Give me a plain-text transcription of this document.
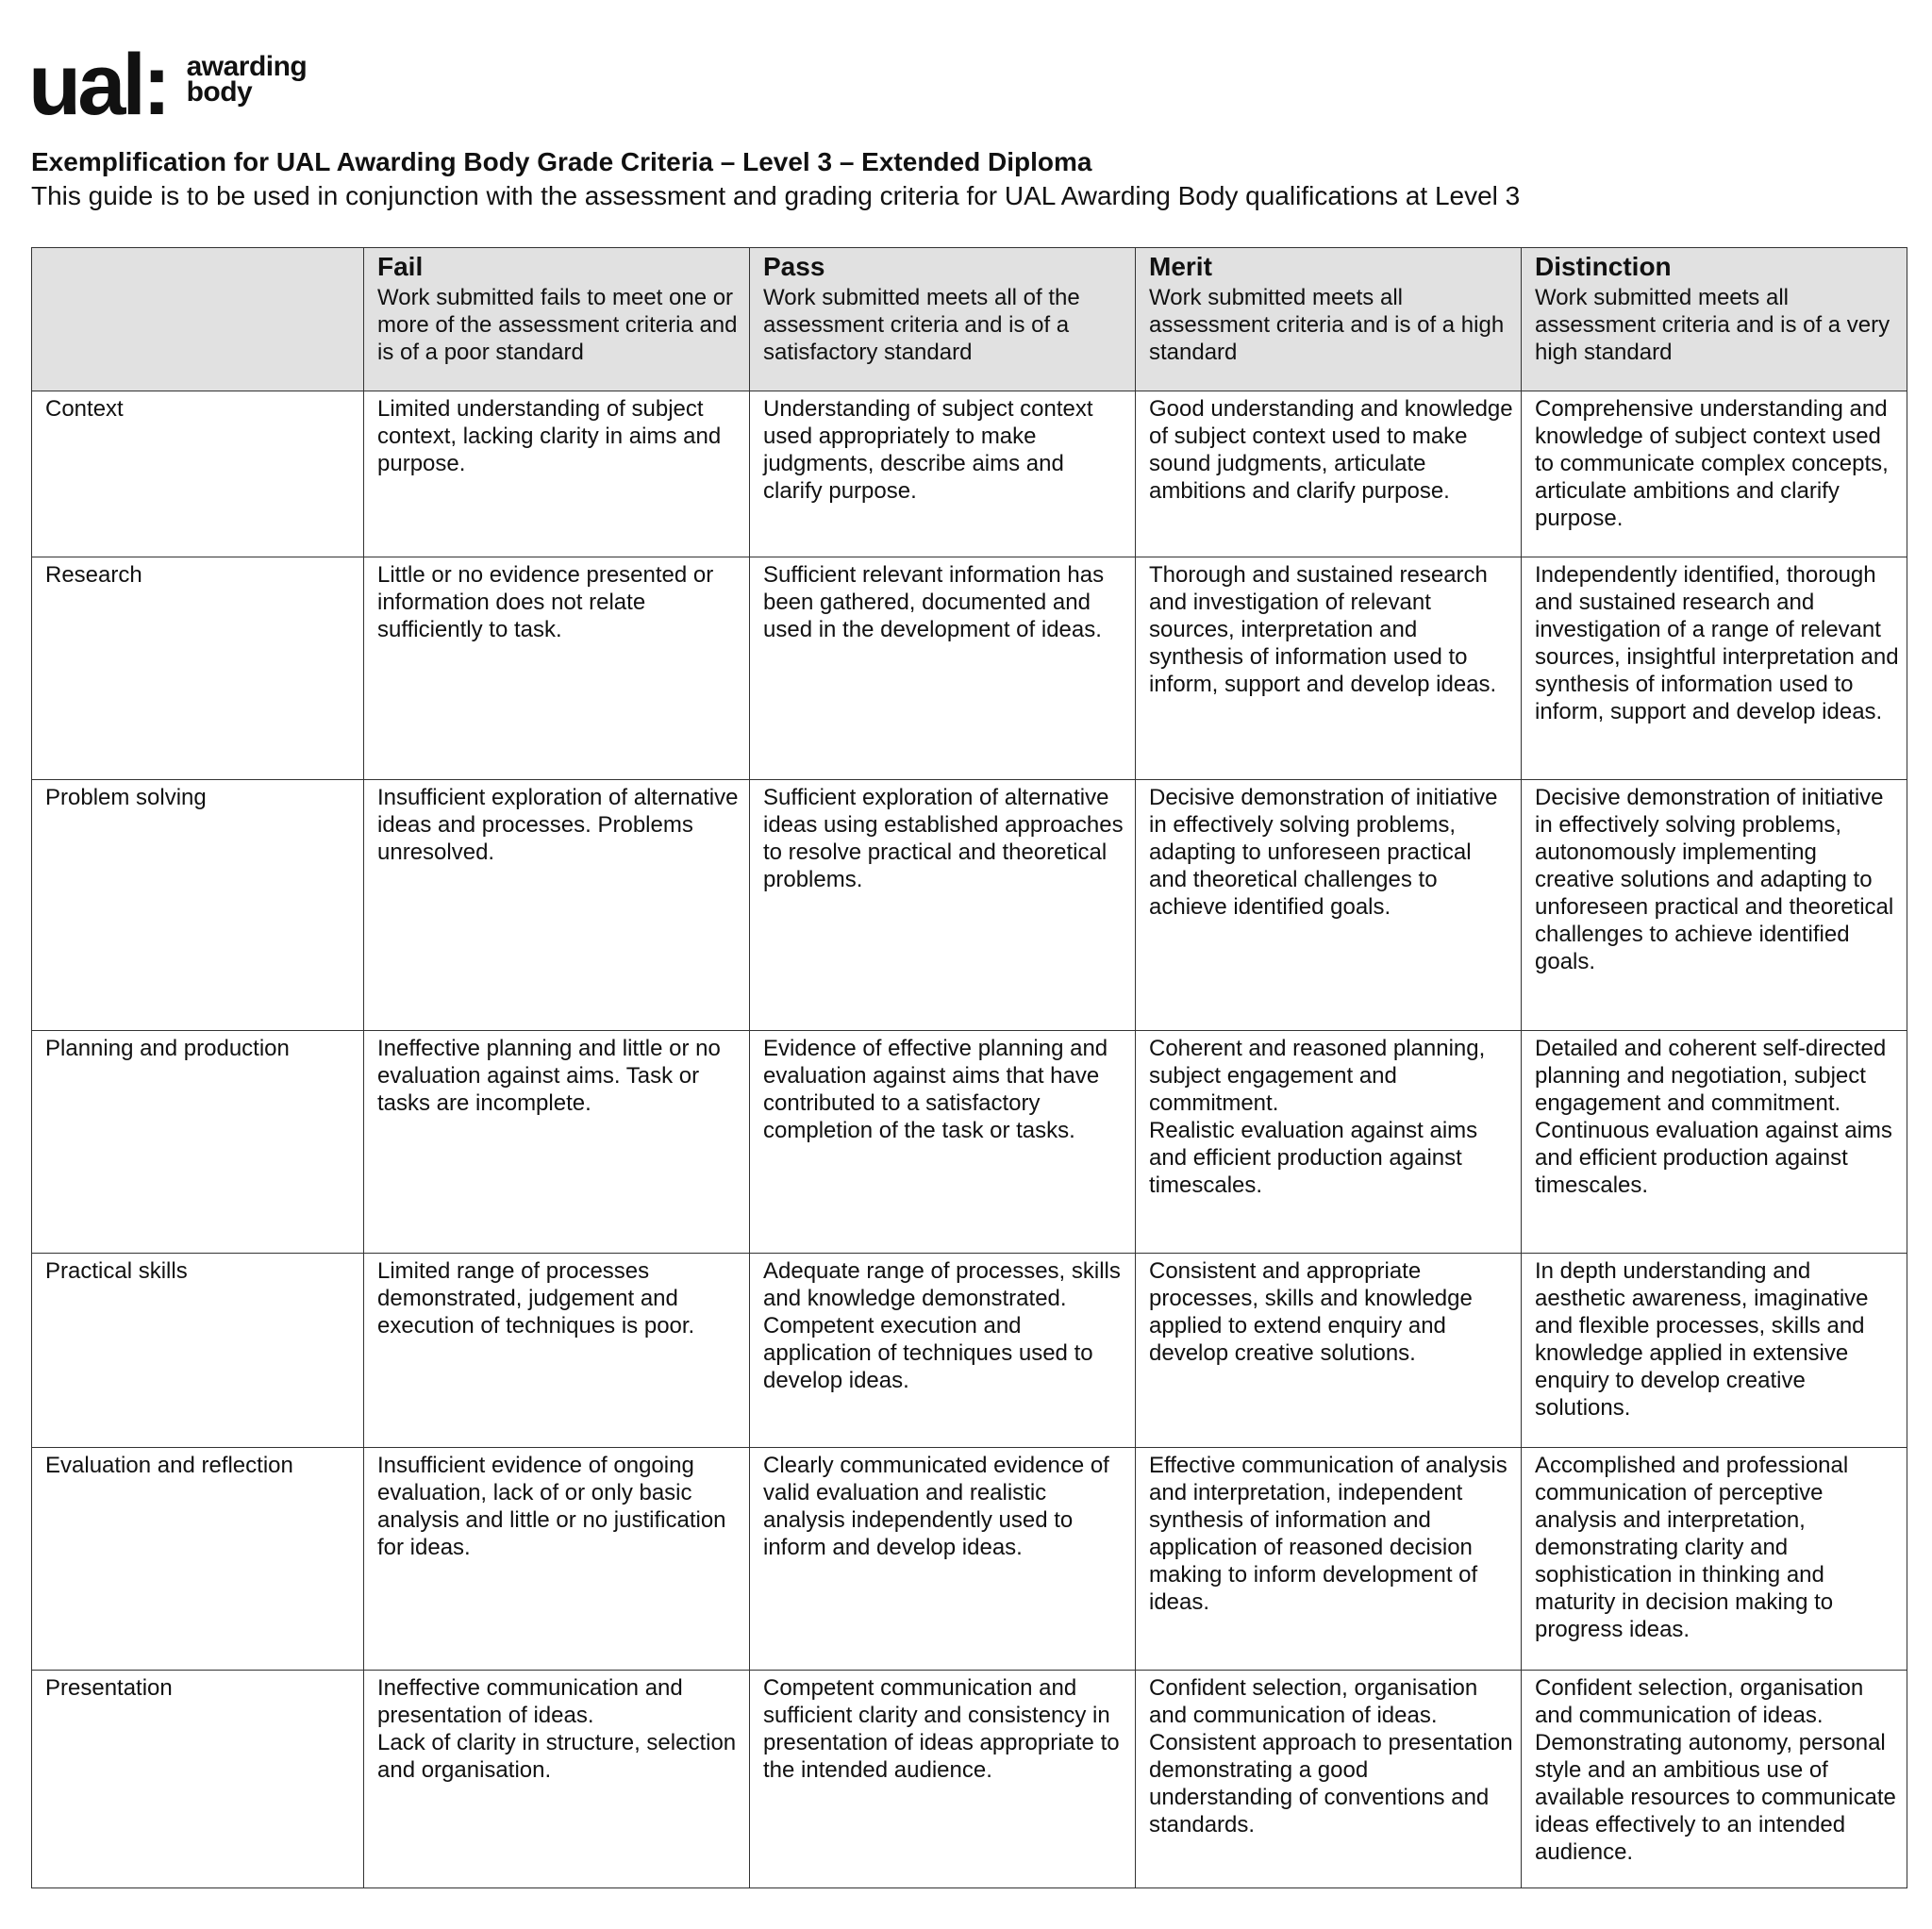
ual: awarding
body
Exemplification for UAL Awarding Body Grade Criteria – Level 3 – Extended Diploma
This guide is to be used in conjunction with the assessment and grading criteria for UAL Awarding Body qualifications at Level 3

	Fail
Work submitted fails to meet one or more of the assessment criteria and is of a poor standard	Pass
Work submitted meets all of the assessment criteria and is of a satisfactory standard	Merit
Work submitted meets all assessment criteria and is of a high standard	Distinction
Work submitted meets all assessment criteria and is of a very high standard

Context	Limited understanding of subject context, lacking clarity in aims and purpose.	Understanding of subject context used appropriately to make judgments, describe aims and clarify purpose.	Good understanding and knowledge of subject context used to make sound judgments, articulate ambitions and clarify purpose.	Comprehensive understanding and knowledge of subject context used to communicate complex concepts, articulate ambitions and clarify purpose.

Research	Little or no evidence presented or information does not relate sufficiently to task.	Sufficient relevant information has been gathered, documented and used in the development of ideas.	Thorough and sustained research and investigation of relevant sources, interpretation and synthesis of information used to inform, support and develop ideas.	Independently identified, thorough and sustained research and investigation of a range of relevant sources, insightful interpretation and synthesis of information used to inform, support and develop ideas.

Problem solving	Insufficient exploration of alternative ideas and processes. Problems unresolved.	Sufficient exploration of alternative ideas using established approaches to resolve practical and theoretical problems.	Decisive demonstration of initiative in effectively solving problems, adapting to unforeseen practical and theoretical challenges to achieve identified goals.	Decisive demonstration of initiative in effectively solving problems, autonomously implementing creative solutions and adapting to unforeseen practical and theoretical challenges to achieve identified goals.

Planning and production	Ineffective planning and little or no evaluation against aims. Task or tasks are incomplete.	Evidence of effective planning and evaluation against aims that have contributed to a satisfactory completion of the task or tasks.	Coherent and reasoned planning, subject engagement and commitment.
Realistic evaluation against aims and efficient production against timescales.	Detailed and coherent self-directed planning and negotiation, subject engagement and commitment.
Continuous evaluation against aims and efficient production against timescales.

Practical skills	Limited range of processes demonstrated, judgement and execution of techniques is poor.	Adequate range of processes, skills and knowledge demonstrated. Competent execution and application of techniques used to develop ideas.	Consistent and appropriate processes, skills and knowledge applied to extend enquiry and develop creative solutions.	In depth understanding and aesthetic awareness, imaginative and flexible processes, skills and knowledge applied in extensive enquiry to develop creative solutions.

Evaluation and reflection	Insufficient evidence of ongoing evaluation, lack of or only basic analysis and little or no justification for ideas.	Clearly communicated evidence of valid evaluation and realistic analysis independently used to inform and develop ideas.	Effective communication of analysis and interpretation, independent synthesis of information and application of reasoned decision making to inform development of ideas.	Accomplished and professional communication of perceptive analysis and interpretation, demonstrating clarity and sophistication in thinking and maturity in decision making to progress ideas.

Presentation	Ineffective communication and presentation of ideas.
Lack of clarity in structure, selection and organisation.	Competent communication and sufficient clarity and consistency in presentation of ideas appropriate to the intended audience.	Confident selection, organisation and communication of ideas. Consistent approach to presentation demonstrating a good understanding of conventions and standards.	Confident selection, organisation and communication of ideas. Demonstrating autonomy, personal style and an ambitious use of available resources to communicate ideas effectively to an intended audience.
